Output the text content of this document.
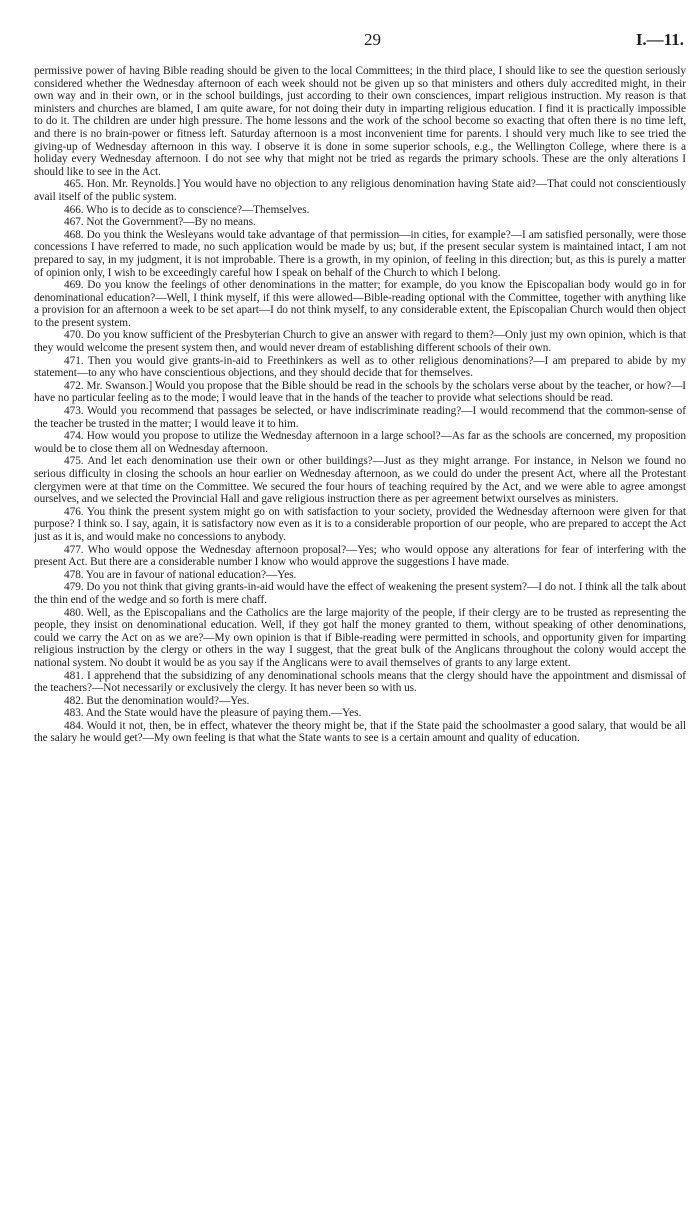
29	I.—11.

permissive power of having Bible reading should be given to the local Committees; in the third place, I should like to see the question seriously considered whether the Wednesday afternoon of each week should not be given up so that ministers and others duly accredited might, in their own way and in their own, or in the school buildings, just according to their own consciences, impart religious instruction. My reason is that ministers and churches are blamed, I am quite aware, for not doing their duty in imparting religious education. I find it is practically impossible to do it. The children are under high pressure. The home lessons and the work of the school become so exacting that often there is no time left, and there is no brain-power or fitness left. Saturday afternoon is a most inconvenient time for parents. I should very much like to see tried the giving-up of Wednesday afternoon in this way. I observe it is done in some superior schools, e.g., the Wellington College, where there is a holiday every Wednesday afternoon. I do not see why that might not be tried as regards the primary schools. These are the only alterations I should like to see in the Act.

465. Hon. Mr. Reynolds.] You would have no objection to any religious denomination having State aid?—That could not conscientiously avail itself of the public system.

466. Who is to decide as to conscience?—Themselves.

467. Not the Government?—By no means.

468. Do you think the Wesleyans would take advantage of that permission—in cities, for example?—I am satisfied personally, were those concessions I have referred to made, no such application would be made by us; but, if the present secular system is maintained intact, I am not prepared to say, in my judgment, it is not improbable. There is a growth, in my opinion, of feeling in this direction; but, as this is purely a matter of opinion only, I wish to be exceedingly careful how I speak on behalf of the Church to which I belong.

469. Do you know the feelings of other denominations in the matter; for example, do you know the Episcopalian body would go in for denominational education?—Well, I think myself, if this were allowed—Bible-reading optional with the Committee, together with anything like a provision for an afternoon a week to be set apart—I do not think myself, to any considerable extent, the Episcopalian Church would then object to the present system.

470. Do you know sufficient of the Presbyterian Church to give an answer with regard to them?—Only just my own opinion, which is that they would welcome the present system then, and would never dream of establishing different schools of their own.

471. Then you would give grants-in-aid to Freethinkers as well as to other religious denominations?—I am prepared to abide by my statement—to any who have conscientious objections, and they should decide that for themselves.

472. Mr. Swanson.] Would you propose that the Bible should be read in the schools by the scholars verse about by the teacher, or how?—I have no particular feeling as to the mode; I would leave that in the hands of the teacher to provide what selections should be read.

473. Would you recommend that passages be selected, or have indiscriminate reading?—I would recommend that the common-sense of the teacher be trusted in the matter; I would leave it to him.

474. How would you propose to utilize the Wednesday afternoon in a large school?—As far as the schools are concerned, my proposition would be to close them all on Wednesday afternoon.

475. And let each denomination use their own or other buildings?—Just as they might arrange. For instance, in Nelson we found no serious difficulty in closing the schools an hour earlier on Wednesday afternoon, as we could do under the present Act, where all the Protestant clergymen were at that time on the Committee. We secured the four hours of teaching required by the Act, and we were able to agree amongst ourselves, and we selected the Provincial Hall and gave religious instruction there as per agreement betwixt ourselves as ministers.

476. You think the present system might go on with satisfaction to your society, provided the Wednesday afternoon were given for that purpose? I think so. I say, again, it is satisfactory now even as it is to a considerable proportion of our people, who are prepared to accept the Act just as it is, and would make no concessions to anybody.

477. Who would oppose the Wednesday afternoon proposal?—Yes; who would oppose any alterations for fear of interfering with the present Act. But there are a considerable number I know who would approve the suggestions I have made.

478. You are in favour of national education?—Yes.

479. Do you not think that giving grants-in-aid would have the effect of weakening the present system?—I do not. I think all the talk about the thin end of the wedge and so forth is mere chaff.

480. Well, as the Episcopalians and the Catholics are the large majority of the people, if their clergy are to be trusted as representing the people, they insist on denominational education. Well, if they got half the money granted to them, without speaking of other denominations, could we carry the Act on as we are?—My own opinion is that if Bible-reading were permitted in schools, and opportunity given for imparting religious instruction by the clergy or others in the way I suggest, that the great bulk of the Anglicans throughout the colony would accept the national system. No doubt it would be as you say if the Anglicans were to avail themselves of grants to any large extent.

481. I apprehend that the subsidizing of any denominational schools means that the clergy should have the appointment and dismissal of the teachers?—Not necessarily or exclusively the clergy. It has never been so with us.

482. But the denomination would?—Yes.

483. And the State would have the pleasure of paying them.—Yes.

484. Would it not, then, be in effect, whatever the theory might be, that if the State paid the schoolmaster a good salary, that would be all the salary he would get?—My own feeling is that what the State wants to see is a certain amount and quality of education.
